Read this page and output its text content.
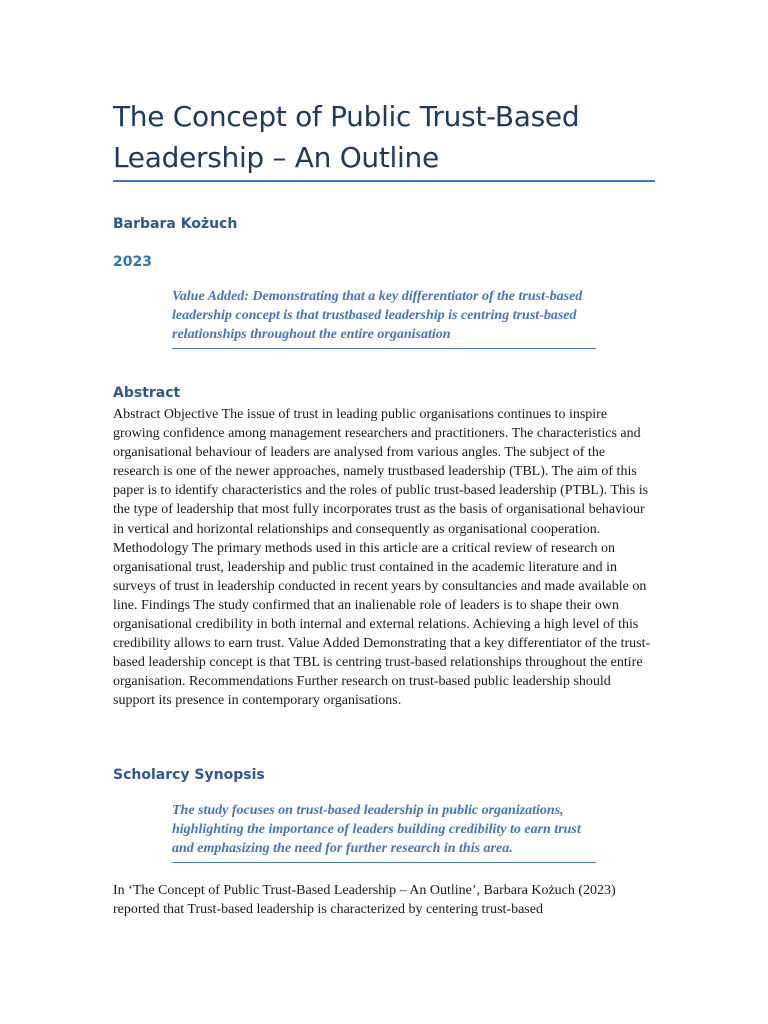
The Concept of Public Trust-Based Leadership – An Outline

Barbara Kożuch

2023

Value Added: Demonstrating that a key differentiator of the trust-based leadership concept is that trustbased leadership is centring trust-based relationships throughout the entire organisation
Abstract

Abstract Objective The issue of trust in leading public organisations continues to inspire growing confidence among management researchers and practitioners. The characteristics and organisational behaviour of leaders are analysed from various angles. The subject of the research is one of the newer approaches, namely trustbased leadership (TBL). The aim of this paper is to identify characteristics and the roles of public trust-based leadership (PTBL). This is the type of leadership that most fully incorporates trust as the basis of organisational behaviour in vertical and horizontal relationships and consequently as organisational cooperation. Methodology The primary methods used in this article are a critical review of research on organisational trust, leadership and public trust contained in the academic literature and in surveys of trust in leadership conducted in recent years by consultancies and made available on line. Findings The study confirmed that an inalienable role of leaders is to shape their own organisational credibility in both internal and external relations. Achieving a high level of this credibility allows to earn trust. Value Added Demonstrating that a key differentiator of the trust-based leadership concept is that TBL is centring trust-based relationships throughout the entire organisation. Recommendations Further research on trust-based public leadership should support its presence in contemporary organisations.

Scholarcy Synopsis
The study focuses on trust-based leadership in public organizations, highlighting the importance of leaders building credibility to earn trust and emphasizing the need for further research in this area.

In ‘The Concept of Public Trust-Based Leadership – An Outline’, Barbara Kożuch (2023) reported that Trust-based leadership is characterized by centering trust-based
